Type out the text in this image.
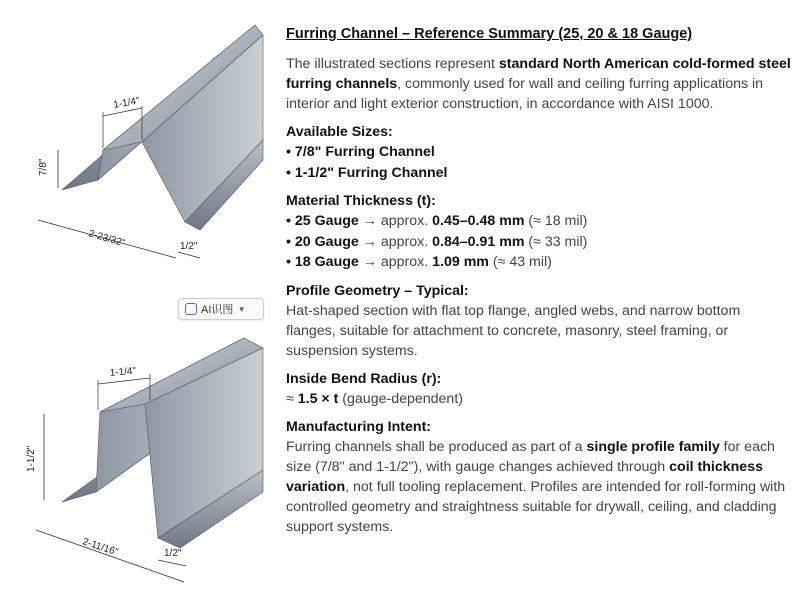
1-1/4"
7/8"
2-23/32"	1/2"
1-1/4"
1-1/2"
2-11/16"	1/2"
AI识图 ▾
Furring Channel – Reference Summary (25, 20 & 18 Gauge)

The illustrated sections represent standard North American cold-formed steel furring channels, commonly used for wall and ceiling furring applications in interior and light exterior construction, in accordance with AISI 1000.

Available Sizes:
• 7/8" Furring Channel
• 1-1/2" Furring Channel
Material Thickness (t):
• 25 Gauge → approx. 0.45–0.48 mm (≈ 18 mil)
• 20 Gauge → approx. 0.84–0.91 mm (≈ 33 mil)
• 18 Gauge → approx. 1.09 mm (≈ 43 mil)
Profile Geometry – Typical:

Hat-shaped section with flat top flange, angled webs, and narrow bottom flanges, suitable for attachment to concrete, masonry, steel framing, or suspension systems.

Inside Bend Radius (r):

≈ 1.5 × t (gauge-dependent)

Manufacturing Intent:

Furring channels shall be produced as part of a single profile family for each size (7/8" and 1-1/2"), with gauge changes achieved through coil thickness variation, not full tooling replacement. Profiles are intended for roll-forming with controlled geometry and straightness suitable for drywall, ceiling, and cladding support systems.
